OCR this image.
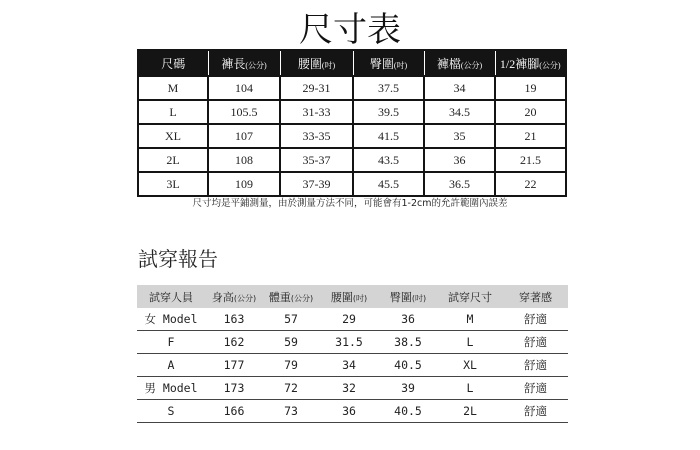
尺寸表
尺碼	褲長(公分)	腰圍(吋)	臀圍(吋)	褲檔(公分)	1/2褲腳(公分)
M	104	29-31	37.5	34	19
L	105.5	31-33	39.5	34.5	20
XL	107	33-35	41.5	35	21
2L	108	35-37	43.5	36	21.5
3L	109	37-39	45.5	36.5	22
尺寸均是平鋪測量，由於測量方法不同，可能會有1-2cm的允許範圍內誤差
試穿報告
試穿人員	身高(公分)	體重(公分)	腰圍(吋)	臀圍(吋)	試穿尺寸	穿著感
女 Model	163	57	29	36	M	舒適
F	162	59	31.5	38.5	L	舒適
A	177	79	34	40.5	XL	舒適
男 Model	173	72	32	39	L	舒適
S	166	73	36	40.5	2L	舒適
